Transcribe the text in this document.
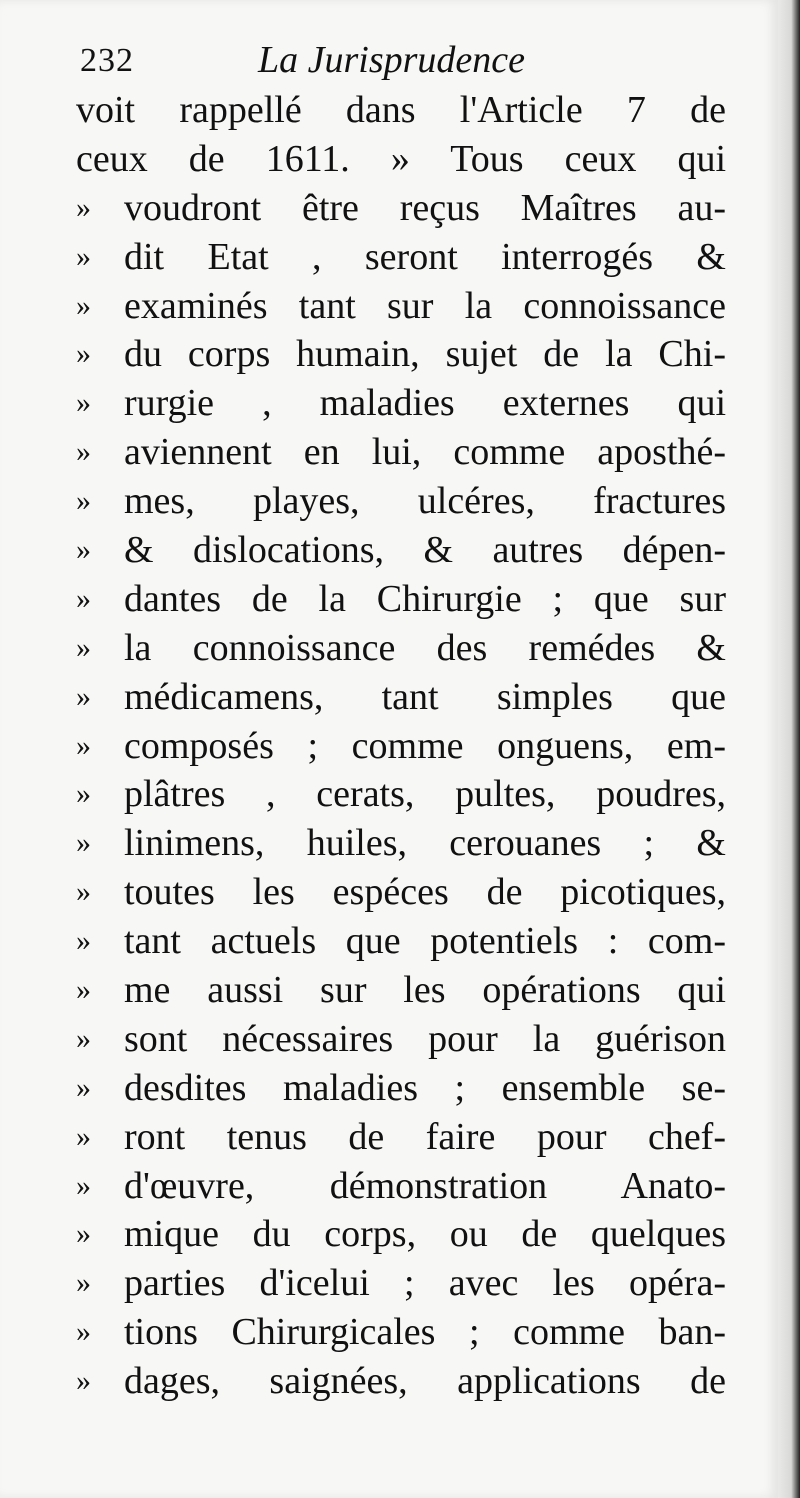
232	La Jurisprudence
voit rappellé dans l'Article 7 de
ceux de 1611. » Tous ceux qui
» voudront être reçus Maîtres au-
» dit Etat , seront interrogés &
» examinés tant sur la connoissance
» du corps humain, sujet de la Chi-
» rurgie , maladies externes qui
» aviennent en lui, comme aposthé-
» mes, playes, ulcéres, fractures
» & dislocations, & autres dépen-
» dantes de la Chirurgie ; que sur
» la connoissance des remédes &
» médicamens, tant simples que
» composés ; comme onguens, em-
» plâtres , cerats, pultes, poudres,
» linimens, huiles, cerouanes ; &
» toutes les espéces de picotiques,
» tant actuels que potentiels : com-
» me aussi sur les opérations qui
» sont nécessaires pour la guérison
» desdites maladies ; ensemble se-
» ront tenus de faire pour chef-
» d'œuvre, démonstration Anato-
» mique du corps, ou de quelques
» parties d'icelui ; avec les opéra-
» tions Chirurgicales ; comme ban-
» dages, saignées, applications de
